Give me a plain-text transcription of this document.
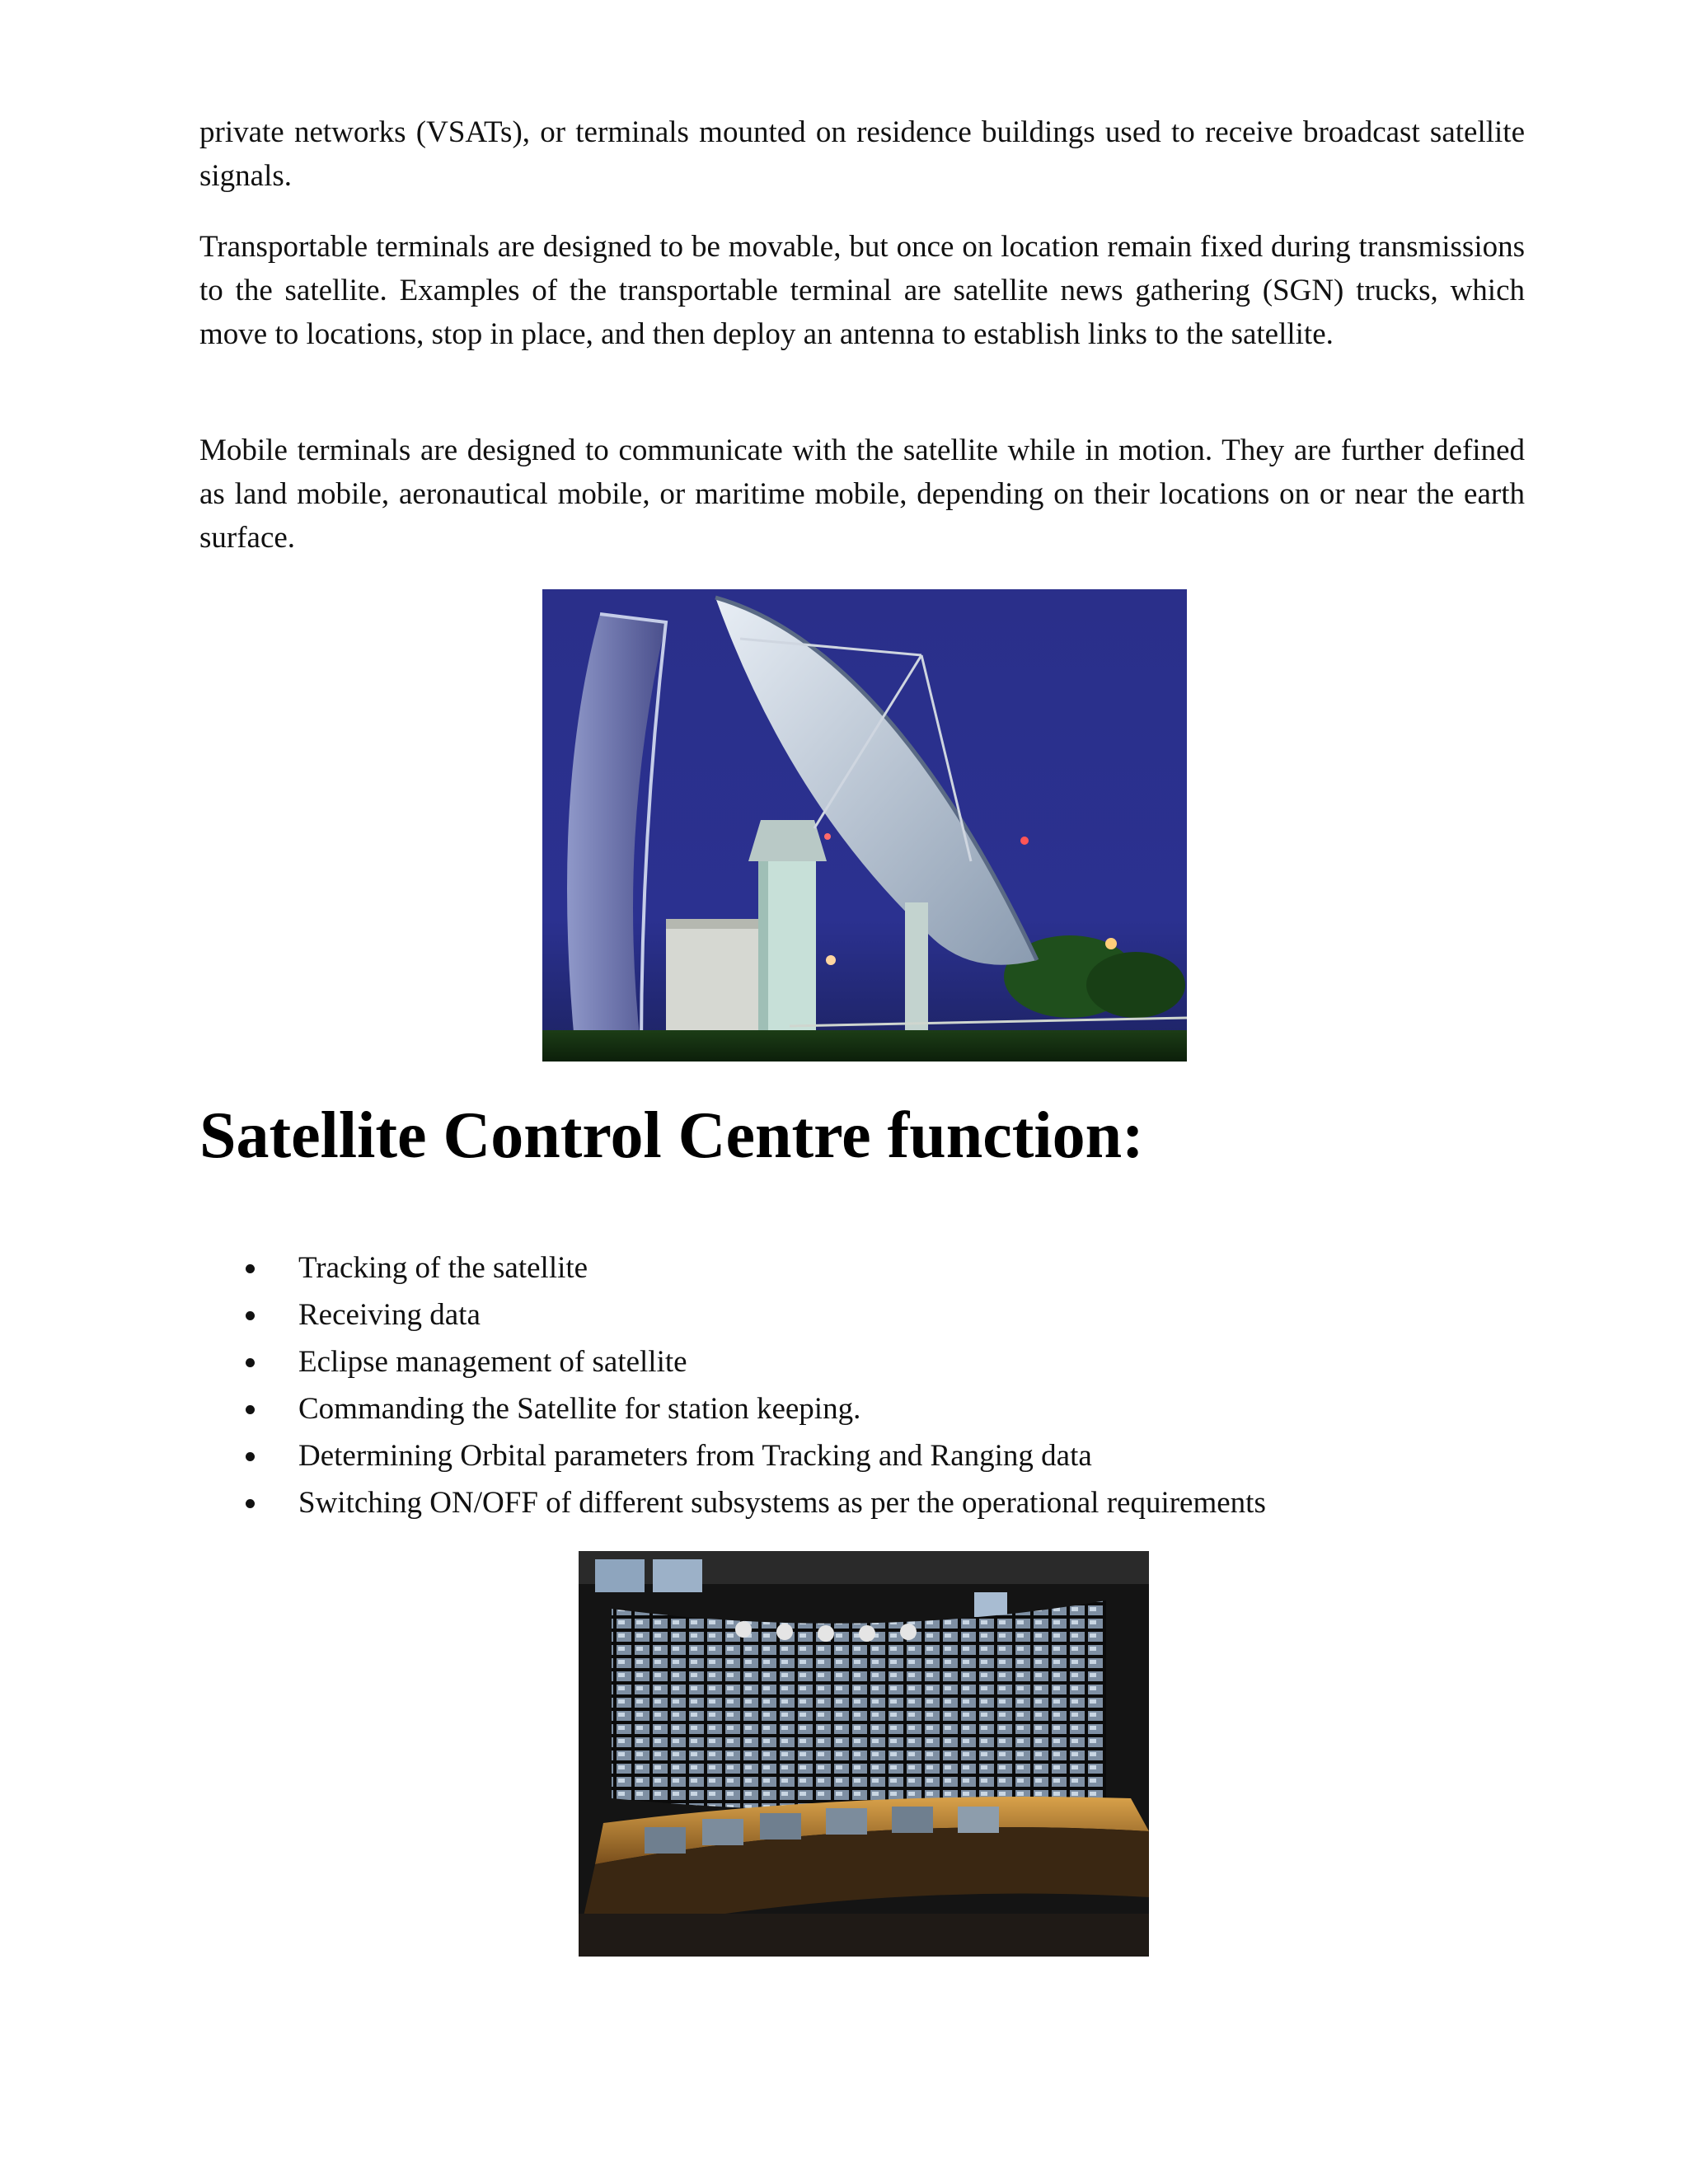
private networks (VSATs), or terminals mounted on residence buildings used to receive broadcast satellite signals.

Transportable terminals are designed to be movable, but once on location remain fixed during transmissions to the satellite. Examples of the transportable terminal are satellite news gathering (SGN) trucks, which move to locations, stop in place, and then deploy an antenna to establish links to the satellite.

Mobile terminals are designed to communicate with the satellite while in motion. They are further defined as land mobile, aeronautical mobile, or maritime mobile, depending on their locations on or near the earth surface.

Satellite Control Centre function:
Tracking of the satellite
Receiving data
Eclipse management of satellite
Commanding the Satellite for station keeping.
Determining Orbital parameters from Tracking and Ranging data
Switching ON/OFF of different subsystems as per the operational requirements
